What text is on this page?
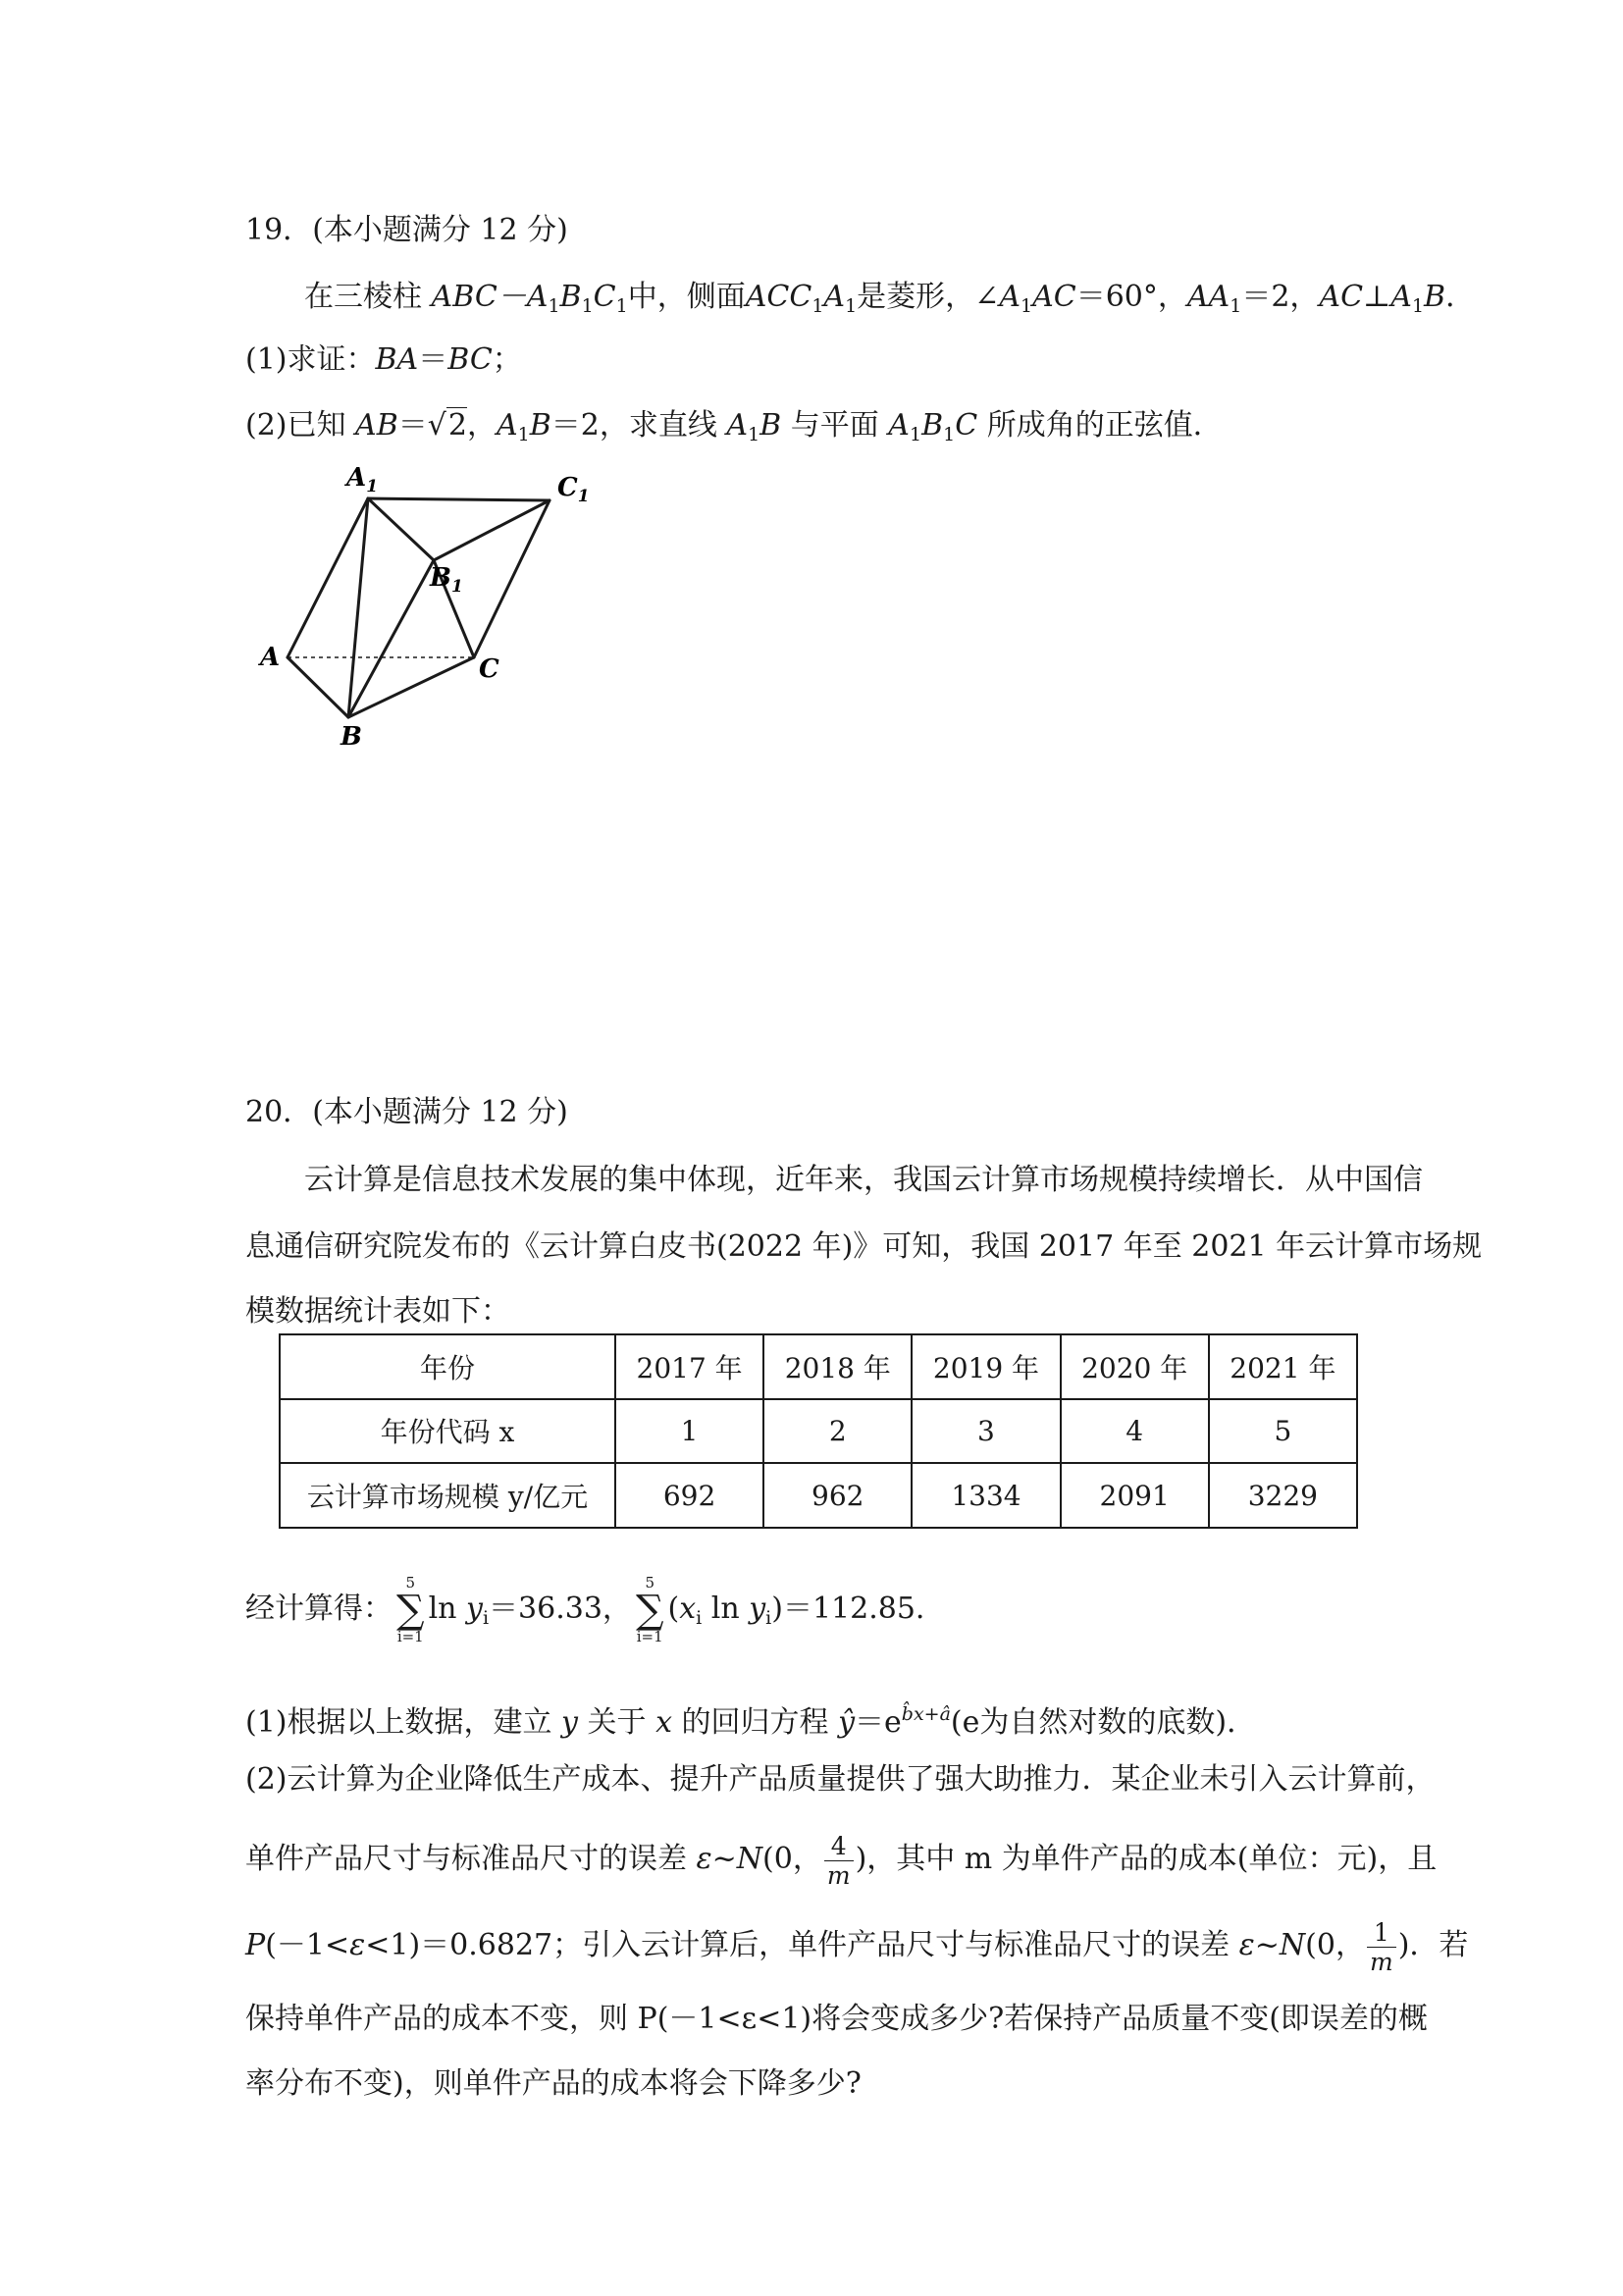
19．(本小题满分 12 分)
在三棱柱 $ABC-A_1B_1C_1$中，侧面$ACC_1A_1$是菱形，$\angle A_1AC=60^\circ$，$AA_1=2$，$AC\perp A_1B$．
(1)求证：BA＝BC；
(2)已知 AB＝√2，$A_1B=2$，求直线 $A_1B$ 与平面 $A_1B_1C$ 所成角的正弦值．
$A_1$	$C_1$
$B_1$
A	C
B
20．(本小题满分 12 分)
云计算是信息技术发展的集中体现，近年来，我国云计算市场规模持续增长．从中国信
息通信研究院发布的《云计算白皮书(2022 年)》可知，我国 2017 年至 2021 年云计算市场规
模数据统计表如下：
年份	2017 年	2018 年	2019 年	2020 年	2021 年
年份代码 x	1	2	3	4	5
云计算市场规模 y/亿元	692	962	1334	2091	3229
经计算得：
5
∑
i=1
$\ln y_i=36.33$，
5
∑
i=1
($x_i$ $\ln y_i)=112.85$.
(1)根据以上数据，建立 y 关于 x 的回归方程 $ŷ=e^{b̂x+â}(e$为自然对数的底数)．
(2)云计算为企业降低生产成本、提升产品质量提供了强大助推力．某企业未引入云计算前，
单件产品尺寸与标准品尺寸的误差 ε~N(0， $\frac{4}{m}$ )，其中 m 为单件产品的成本(单位：元)，且
P(－1<ε<1)＝0.6827；引入云计算后，单件产品尺寸与标准品尺寸的误差 ε~N(0， $\frac{1}{m}$ )．若
保持单件产品的成本不变，则 P(－1<ε<1)将会变成多少?若保持产品质量不变(即误差的概
率分布不变)，则单件产品的成本将会下降多少?
